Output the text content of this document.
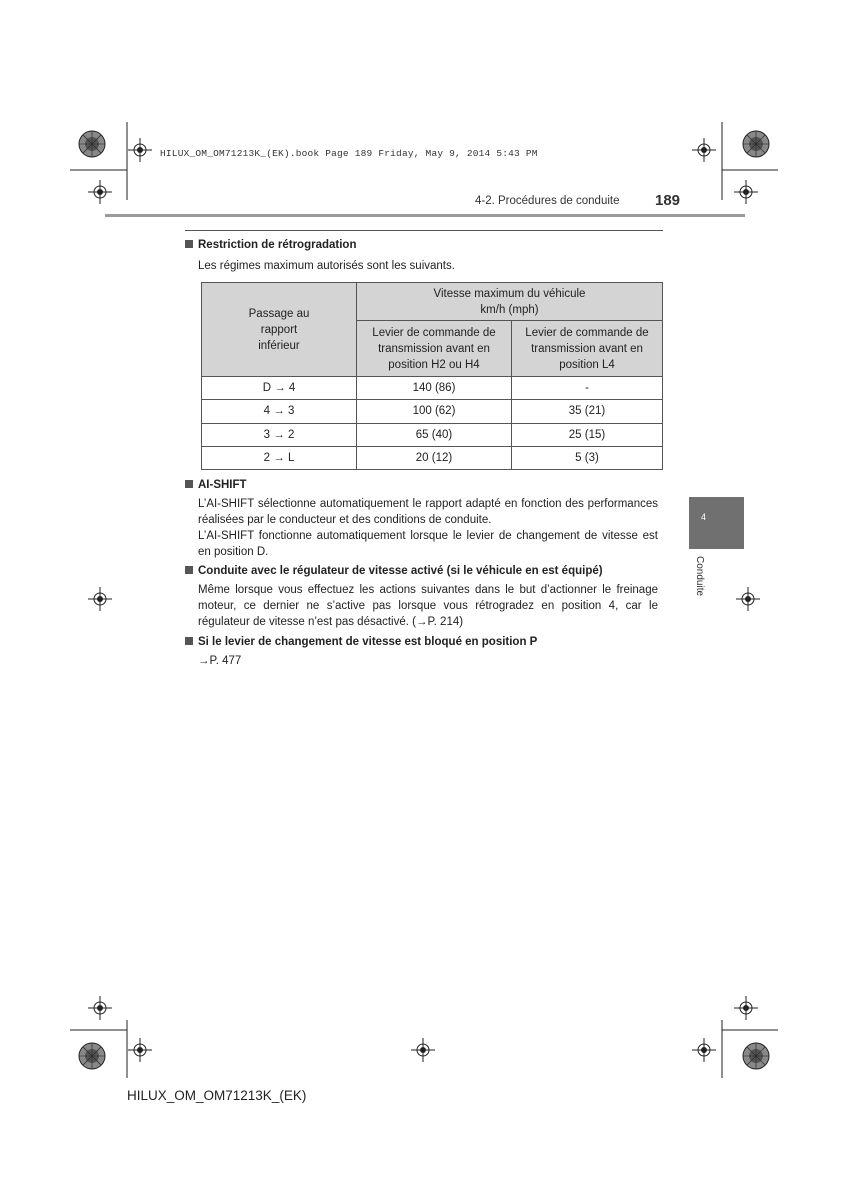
HILUX_OM_OM71213K_(EK).book Page 189 Friday, May 9, 2014 5:43 PM
4-2. Procédures de conduite 189
4
Conduite
Restriction de rétrogradation
Les régimes maximum autorisés sont les suivants.
Passage au
rapport
inférieur	Vitesse maximum du véhicule
km/h (mph)	
	Levier de commande de
transmission avant en
position H2 ou H4	Levier de commande de
transmission avant en
position L4
D → 4	140 (86)	-
4 → 3	100 (62)	35 (21)
3 → 2	65 (40)	25 (15)
2 → L	20 (12)	5 (3)
AI-SHIFT
L’AI-SHIFT sélectionne automatiquement le rapport adapté en fonction des performances réalisées par le conducteur et des conditions de conduite.
L’AI-SHIFT fonctionne automatiquement lorsque le levier de changement de vitesse est en position D.
Conduite avec le régulateur de vitesse activé (si le véhicule en est équipé)
Même lorsque vous effectuez les actions suivantes dans le but d’actionner le freinage moteur, ce dernier ne s’active pas lorsque vous rétrogradez en position 4, car le régulateur de vitesse n’est pas désactivé. (→P. 214)
Si le levier de changement de vitesse est bloqué en position P
→P. 477
HILUX_OM_OM71213K_(EK)
